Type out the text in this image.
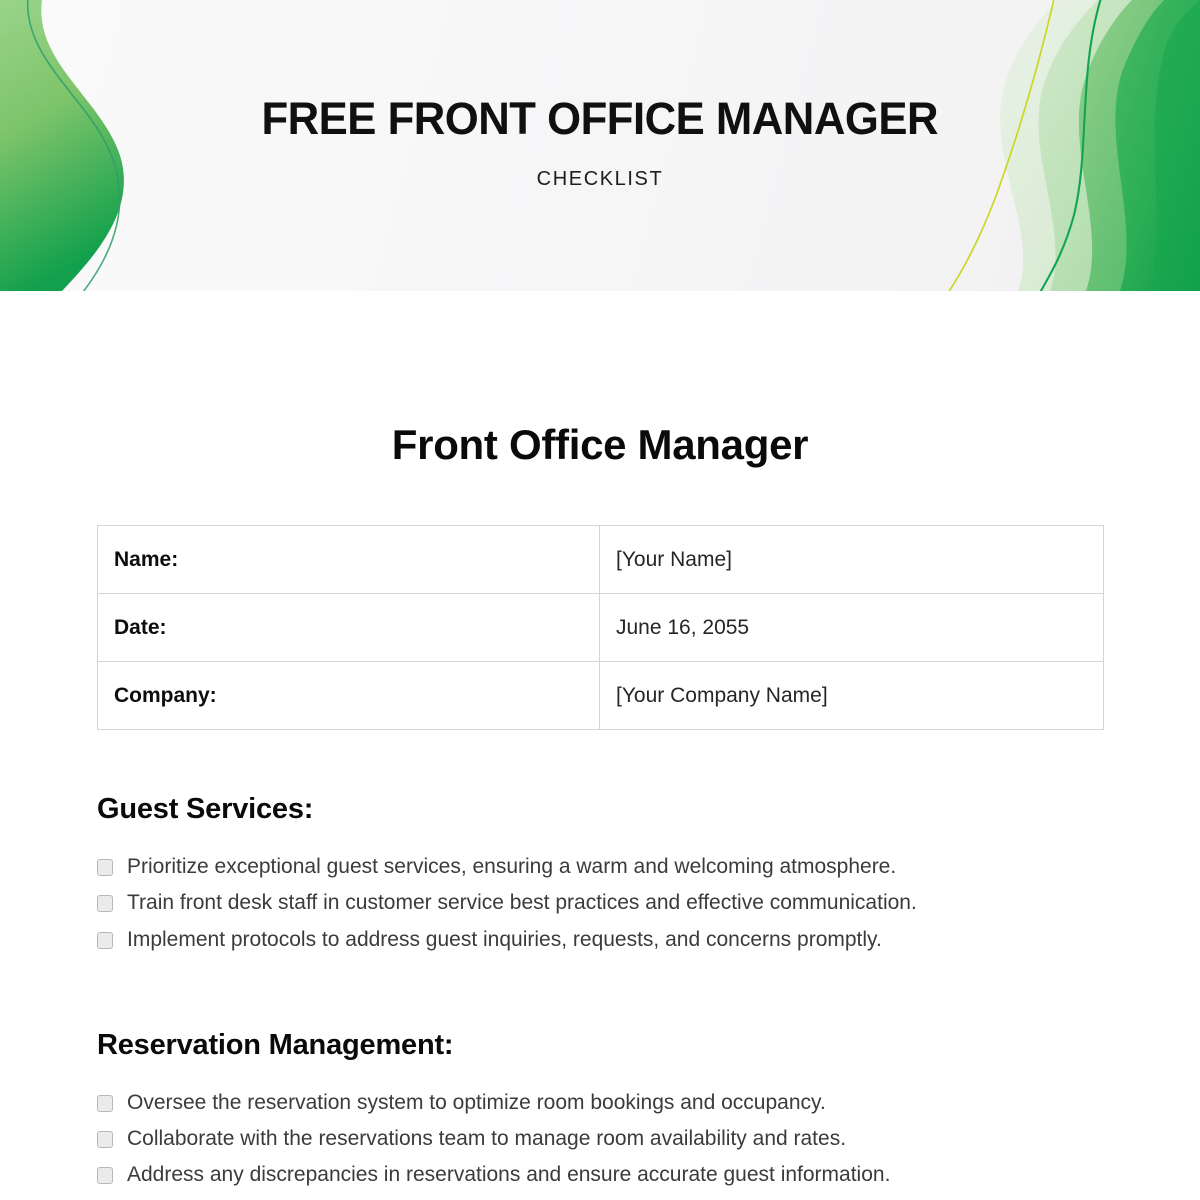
FREE FRONT OFFICE MANAGER
CHECKLIST
Front Office Manager
Name:	[Your Name]
Date:	June 16, 2055
Company:	[Your Company Name]
Guest Services:
Prioritize exceptional guest services, ensuring a warm and welcoming atmosphere.
Train front desk staff in customer service best practices and effective communication.
Implement protocols to address guest inquiries, requests, and concerns promptly.
Reservation Management:
Oversee the reservation system to optimize room bookings and occupancy.
Collaborate with the reservations team to manage room availability and rates.
Address any discrepancies in reservations and ensure accurate guest information.
